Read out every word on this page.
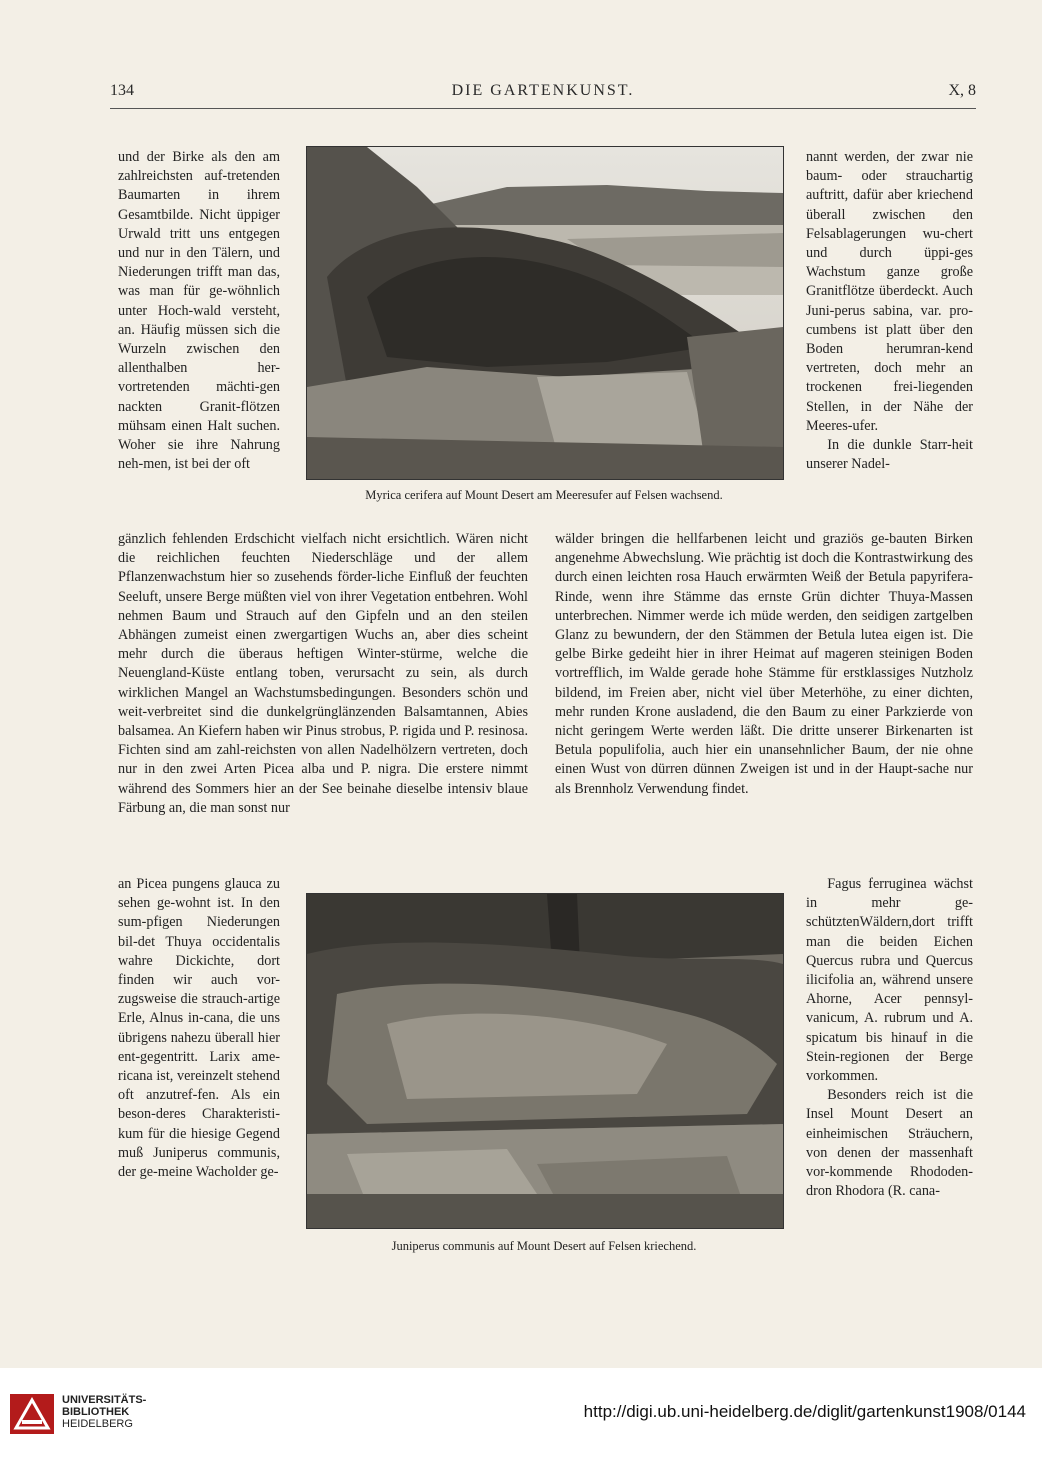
134	DIE GARTENKUNST.	X, 8

und der Birke als den am zahlreichsten auf-tretenden Baumarten in ihrem Gesamtbilde. Nicht üppiger Urwald tritt uns entgegen und nur in den Tälern, und Niederungen trifft man das, was man für ge-wöhnlich unter Hoch-wald versteht, an. Häufig müssen sich die Wurzeln zwischen den allenthalben her-vortretenden mächti-gen nackten Granit-flötzen mühsam einen Halt suchen. Woher sie ihre Nahrung neh-men, ist bei der oft

nannt werden, der zwar nie baum- oder strauchartig auftritt, dafür aber kriechend überall zwischen den Felsablagerungen wu-chert und durch üppi-ges Wachstum ganze große Granitflötze überdeckt. Auch Juni-perus sabina, var. pro-cumbens ist platt über den Boden herumran-kend vertreten, doch mehr an trockenen frei-liegenden Stellen, in der Nähe der Meeres-ufer.

In die dunkle Starr-heit unserer Nadel-

Myrica cerifera auf Mount Desert am Meeresufer auf Felsen wachsend.

gänzlich fehlenden Erdschicht vielfach nicht ersichtlich. Wären nicht die reichlichen feuchten Niederschläge und der allem Pflanzenwachstum hier so zusehends förder-liche Einfluß der feuchten Seeluft, unsere Berge müßten viel von ihrer Vegetation entbehren. Wohl nehmen Baum und Strauch auf den Gipfeln und an den steilen Abhängen zumeist einen zwergartigen Wuchs an, aber dies scheint mehr durch die überaus heftigen Winter-stürme, welche die Neuengland-Küste entlang toben, verursacht zu sein, als durch wirklichen Mangel an Wachstumsbedingungen. Besonders schön und weit-verbreitet sind die dunkelgrünglänzenden Balsamtannen, Abies balsamea. An Kiefern haben wir Pinus strobus, P. rigida und P. resinosa. Fichten sind am zahl-reichsten von allen Nadelhölzern vertreten, doch nur in den zwei Arten Picea alba und P. nigra. Die erstere nimmt während des Sommers hier an der See beinahe dieselbe intensiv blaue Färbung an, die man sonst nur

wälder bringen die hellfarbenen leicht und graziös ge-bauten Birken angenehme Abwechslung. Wie prächtig ist doch die Kontrastwirkung des durch einen leichten rosa Hauch erwärmten Weiß der Betula papyrifera-Rinde, wenn ihre Stämme das ernste Grün dichter Thuya-Massen unterbrechen. Nimmer werde ich müde werden, den seidigen zartgelben Glanz zu bewundern, der den Stämmen der Betula lutea eigen ist. Die gelbe Birke gedeiht hier in ihrer Heimat auf mageren steinigen Boden vortrefflich, im Walde gerade hohe Stämme für erstklassiges Nutzholz bildend, im Freien aber, nicht viel über Meterhöhe, zu einer dichten, mehr runden Krone ausladend, die den Baum zu einer Parkzierde von nicht geringem Werte werden läßt. Die dritte unserer Birkenarten ist Betula populifolia, auch hier ein unansehnlicher Baum, der nie ohne einen Wust von dürren dünnen Zweigen ist und in der Haupt-sache nur als Brennholz Verwendung findet.

an Picea pungens glauca zu sehen ge-wohnt ist. In den sum-pfigen Niederungen bil-det Thuya occidentalis wahre Dickichte, dort finden wir auch vor-zugsweise die strauch-artige Erle, Alnus in-cana, die uns übrigens nahezu überall hier ent-gegentritt. Larix ame-ricana ist, vereinzelt stehend oft anzutref-fen. Als ein beson-deres Charakteristi-kum für die hiesige Gegend muß Juniperus communis, der ge-meine Wacholder ge-

Fagus ferruginea wächst in mehr ge-schütztenWäldern,dort trifft man die beiden Eichen Quercus rubra und Quercus ilicifolia an, während unsere Ahorne, Acer pennsyl-vanicum, A. rubrum und A. spicatum bis hinauf in die Stein-regionen der Berge vorkommen.

Besonders reich ist die Insel Mount Desert an einheimischen Sträuchern, von denen der massenhaft vor-kommende Rhododen-dron Rhodora (R. cana-

Juniperus communis auf Mount Desert auf Felsen kriechend.
UNIVERSITÄTS-
BIBLIOTHEK
HEIDELBERG
http://digi.ub.uni-heidelberg.de/diglit/gartenkunst1908/0144
